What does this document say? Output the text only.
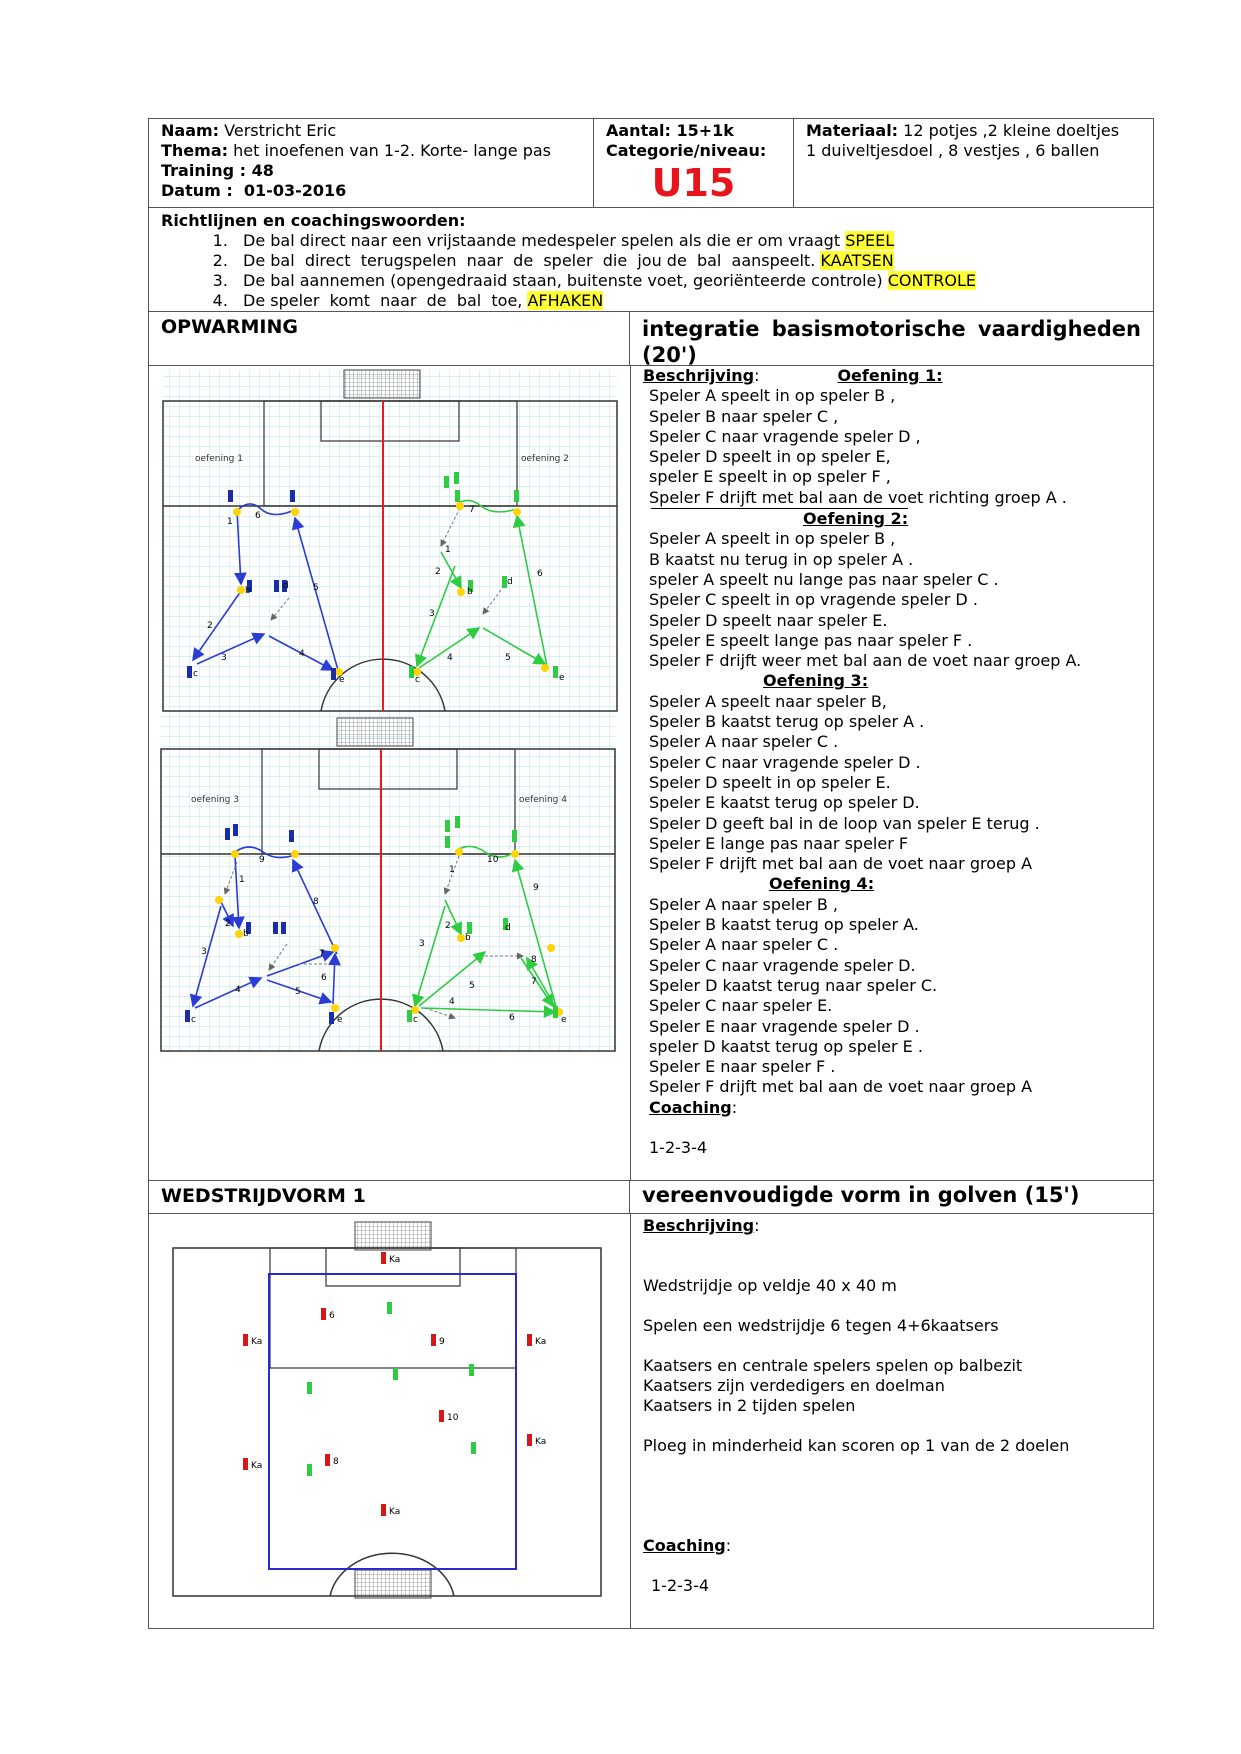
Naam: Verstricht Eric
Thema: het inoefenen van 1-2. Korte- lange pas
Training : 48
Datum : 01-03-2016
Aantal: 15+1k
Categorie/niveau:
U15
Materiaal: 12 potjes ,2 kleine doeltjes
1 duiveltjesdoel , 8 vestjes , 6 ballen
Richtlijnen en coachingswoorden:
1. De bal direct naar een vrijstaande medespeler spelen als die er om vraagt SPEEL
2. De bal  direct  terugspelen  naar  de  speler  die  jou de  bal  aanspeelt. KAATSEN
3. De bal aannemen (opengedraaid staan, buitenste voet, georiënteerde controle) CONTROLE
4. De speler  komt  naar  de  bal  toe, AFHAKEN
OPWARMING	integratie basismotorische vaardigheden (20')
oefening 1	oefening 2
1
2
3	4
5
6
7
1
2
3
4	5
6
b	d
c
e
b
d
c	e
oefening 3	oefening 4
1
2
3
4	5
6
7
8
9
1
2
3
4
5
6
7
8
9
10
b
c	e
b
d
c	e
Beschrijving:	Oefening 1:
Speler A speelt in op speler B ,
Speler B naar speler C ,
Speler C naar vragende speler D ,
Speler D speelt in op speler E,
speler E speelt in op speler F ,
Speler F drijft met bal aan de voet richting groep A .
Oefening 2:
Speler A speelt in op speler B ,
B kaatst nu terug in op speler A .
speler A speelt nu lange pas naar speler C .
Speler C speelt in op vragende speler D .
Speler D speelt naar speler E.
Speler E speelt lange pas naar speler F .
Speler F drijft weer met bal aan de voet naar groep A.
Oefening 3:
Speler A speelt naar speler B,
Speler B kaatst terug op speler A .
Speler A naar speler C .
Speler C naar vragende speler D .
Speler D speelt in op speler E.
Speler E kaatst terug op speler D.
Speler D geeft bal in de loop van speler E terug .
Speler E lange pas naar speler F
Speler F drijft met bal aan de voet naar groep A
Oefening 4:
Speler A naar speler B ,
Speler B kaatst terug op speler A.
Speler A naar speler C .
Speler C naar vragende speler D.
Speler D kaatst terug naar speler C.
Speler C naar speler E.
Speler E naar vragende speler D .
speler D kaatst terug op speler E .
Speler E naar speler F .
Speler F drijft met bal aan de voet naar groep A
Coaching:
1-2-3-4
WEDSTRIJDVORM 1	vereenvoudigde vorm in golven (15')
Ka
6
9
Ka	Ka
10
Ka
Ka	8
Ka
Beschrijving:
Wedstrijdje op veldje 40 x 40 m
Spelen een wedstrijdje 6 tegen 4+6kaatsers
Kaatsers en centrale spelers spelen op balbezit
Kaatsers zijn verdedigers en doelman
Kaatsers in 2 tijden spelen
Ploeg in minderheid kan scoren op 1 van de 2 doelen
Coaching:
1-2-3-4
